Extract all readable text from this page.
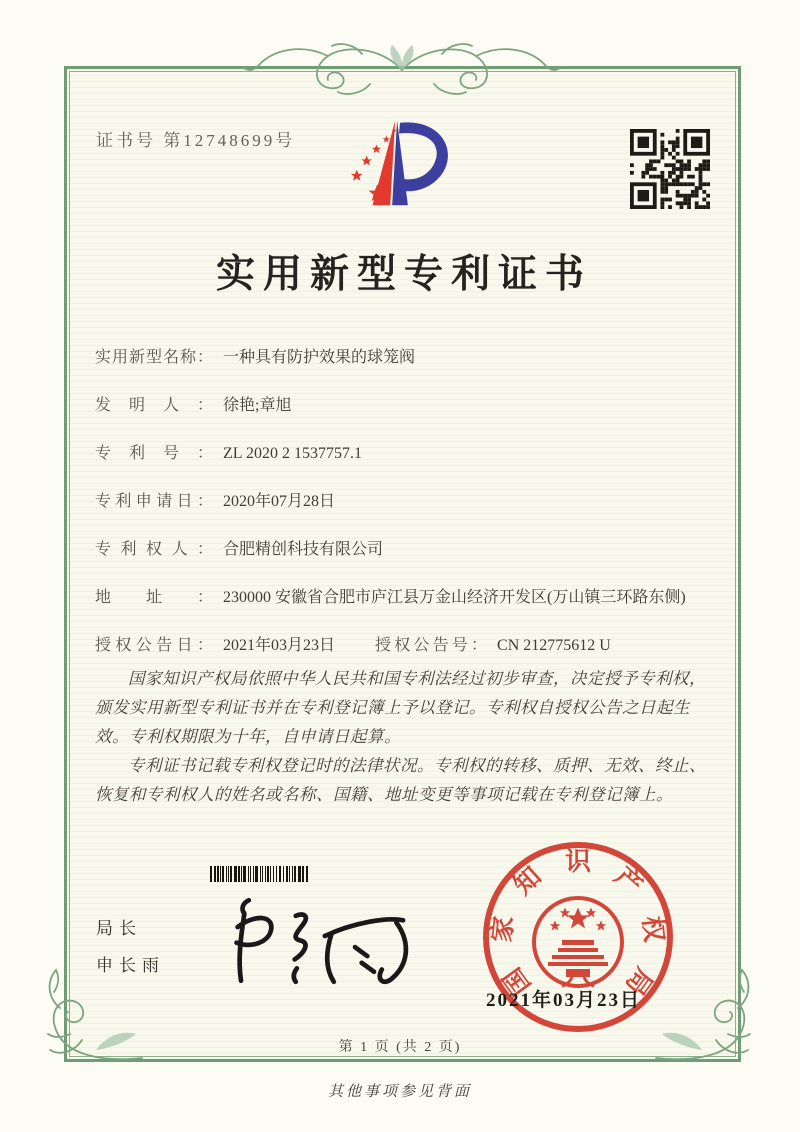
证书号 第12748699号
实用新型专利证书
实用新型名称： 一种具有防护效果的球笼阀
发明人： 徐艳;章旭
专利号： ZL 2020 2 1537757.1
专利申请日： 2020年07月28日
专利权人： 合肥精创科技有限公司
地址： 230000 安徽省合肥市庐江县万金山经济开发区(万山镇三环路东侧)
授权公告日： 2021年03月23日	授权公告号： CN 212775612 U

国家知识产权局依照中华人民共和国专利法经过初步审查，决定授予专利权，颁发实用新型专利证书并在专利登记簿上予以登记。专利权自授权公告之日起生效。专利权期限为十年，自申请日起算。

专利证书记载专利权登记时的法律状况。专利权的转移、质押、无效、终止、恢复和专利权人的姓名或名称、国籍、地址变更等事项记载在专利登记簿上。

局长
申长雨	国
家
知 识 产
权
局
2021年03月23日
第 1 页 (共 2 页)
其他事项参见背面
